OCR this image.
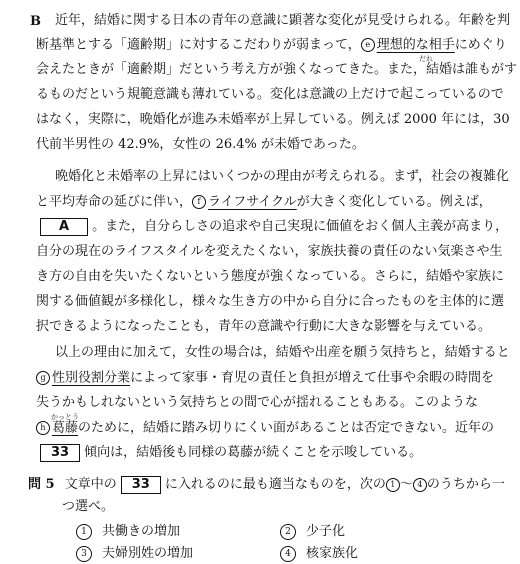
B 近年，結婚に関する日本の青年の意識に顕著な変化が見受けられる。年齢を判
断基準とする「適齢期」に対するこだわりが弱まって， e 理想的な相手にめぐり
だれ
会えたときが「適齢期」だという考え方が強くなってきた。また，結婚は誰もがす
るものだという規範意識も薄れている。変化は意識の上だけで起こっているので
はなく，実際に，晩婚化が進み未婚率が上昇している。例えば 2000 年には，30
代前半男性の 42.9%，女性の 26.4% が未婚であった。
晩婚化と未婚率の上昇にはいくつかの理由が考えられる。まず，社会の複雑化
と平均寿命の延びに伴い， f ライフサイクルが大きく変化している。例えば，
A 。また，自分らしさの追求や自己実現に価値をおく個人主義が高まり，
自分の現在のライフスタイルを変えたくない，家族扶養の責任のない気楽さや生
き方の自由を失いたくないという態度が強くなっている。さらに，結婚や家族に
関する価値観が多様化し，様々な生き方の中から自分に合ったものを主体的に選
択できるようになったことも，青年の意識や行動に大きな影響を与えている。
以上の理由に加えて，女性の場合は，結婚や出産を願う気持ちと，結婚すると
g 性別役割分業によって家事・育児の責任と負担が増えて仕事や余暇の時間を
失うかもしれないという気持ちとの間で心が揺れることもある。このような
かっとう
h 葛藤のために，結婚に踏み切りにくい面があることは否定できない。近年の
33 傾向は，結婚後も同様の葛藤が続くことを示唆している。
問 5 文章中の 33 に入れるのに最も適当なものを，次の 1 〜 4 のうちから一
つ選べ。
1 共働きの増加	2 少子化
3 夫婦別姓の増加	4 核家族化
